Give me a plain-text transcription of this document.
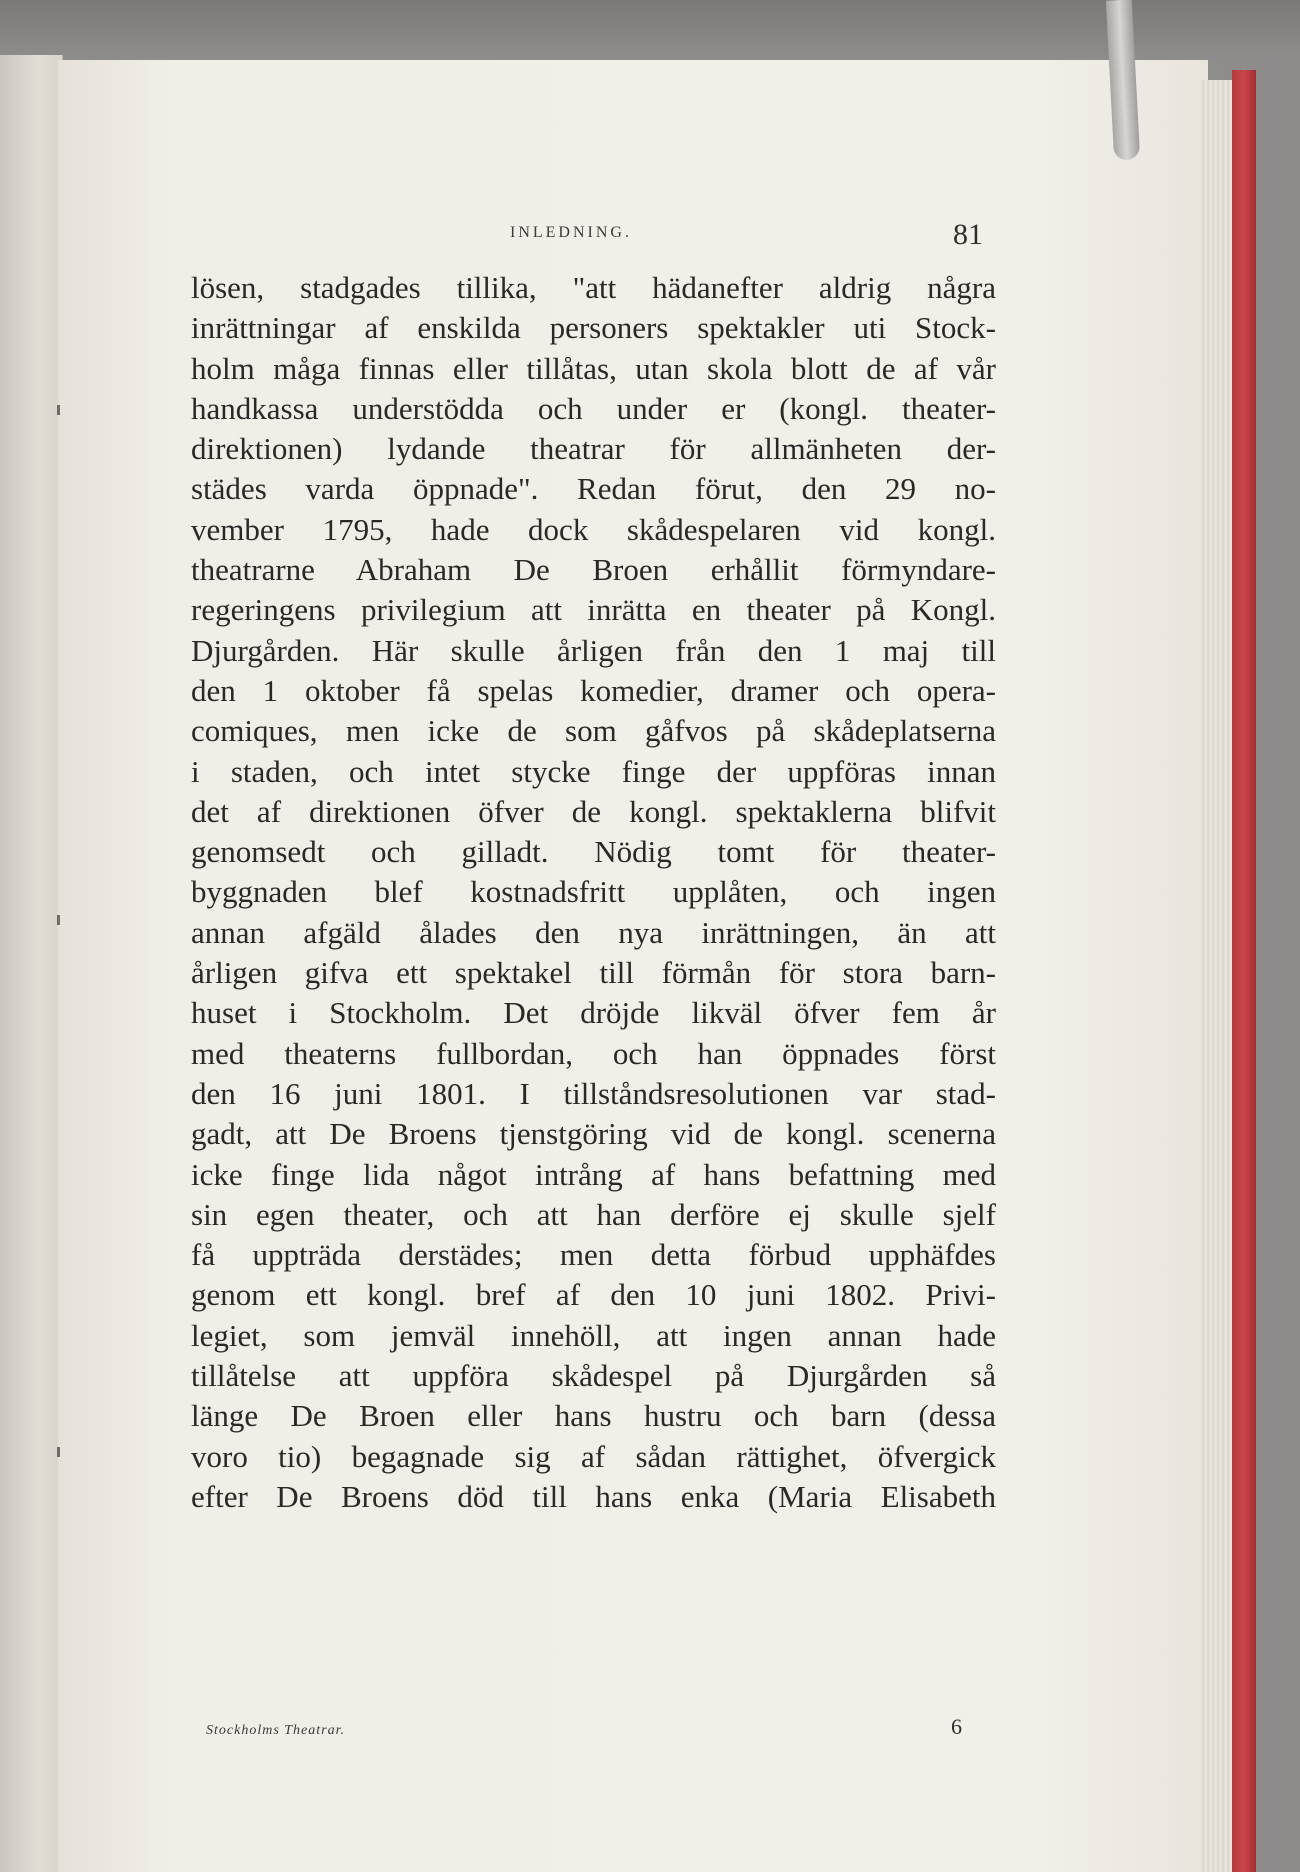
INLEDNING.	81
lösen, stadgades tillika, "att hädanefter aldrig några
inrättningar af enskilda personers spektakler uti Stock-
holm måga finnas eller tillåtas, utan skola blott de af vår
handkassa understödda och under er (kongl. theater-
direktionen) lydande theatrar för allmänheten der-
städes varda öppnade". Redan förut, den 29 no-
vember 1795, hade dock skådespelaren vid kongl.
theatrarne Abraham De Broen erhållit förmyndare-
regeringens privilegium att inrätta en theater på Kongl.
Djurgården. Här skulle årligen från den 1 maj till
den 1 oktober få spelas komedier, dramer och opera-
comiques, men icke de som gåfvos på skådeplatserna
i staden, och intet stycke finge der uppföras innan
det af direktionen öfver de kongl. spektaklerna blifvit
genomsedt och gilladt. Nödig tomt för theater-
byggnaden blef kostnadsfritt upplåten, och ingen
annan afgäld ålades den nya inrättningen, än att
årligen gifva ett spektakel till förmån för stora barn-
huset i Stockholm. Det dröjde likväl öfver fem år
med theaterns fullbordan, och han öppnades först
den 16 juni 1801. I tillståndsresolutionen var stad-
gadt, att De Broens tjenstgöring vid de kongl. scenerna
icke finge lida något intrång af hans befattning med
sin egen theater, och att han derföre ej skulle sjelf
få uppträda derstädes; men detta förbud upphäfdes
genom ett kongl. bref af den 10 juni 1802. Privi-
legiet, som jemväl innehöll, att ingen annan hade
tillåtelse att uppföra skådespel på Djurgården så
länge De Broen eller hans hustru och barn (dessa
voro tio) begagnade sig af sådan rättighet, öfvergick
efter De Broens död till hans enka (Maria Elisabeth
Stockholms Theatrar.	6
